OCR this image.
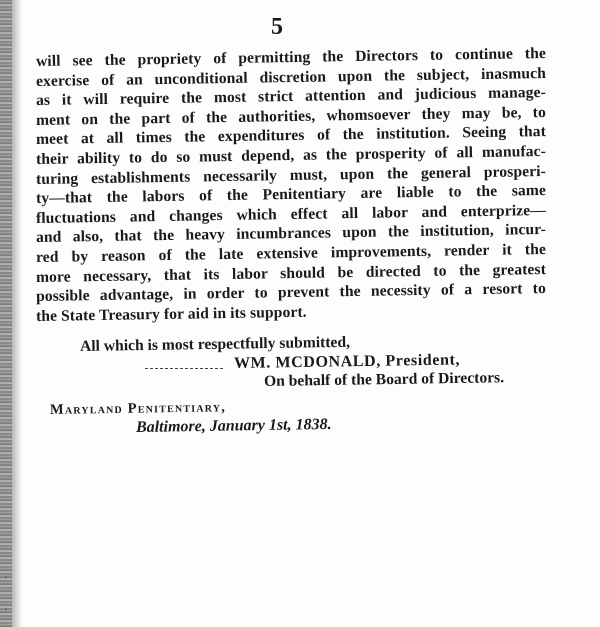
5
will see the propriety of permitting the Directors to continue the
exercise of an unconditional discretion upon the subject, inasmuch
as it will require the most strict attention and judicious manage-
ment on the part of the authorities, whomsoever they may be, to
meet at all times the expenditures of the institution. Seeing that
their ability to do so must depend, as the prosperity of all manufac-
turing establishments necessarily must, upon the general prosperi-
ty—that the labors of the Penitentiary are liable to the same
fluctuations and changes which effect all labor and enterprize—
and also, that the heavy incumbrances upon the institution, incur-
red by reason of the late extensive improvements, render it the
more necessary, that its labor should be directed to the greatest
possible advantage, in order to prevent the necessity of a resort to
the State Treasury for aid in its support.
All which is most respectfully submitted,
WM. MCDONALD, President,
On behalf of the Board of Directors.
Maryland Penitentiary,
Baltimore, January 1st, 1838.
·
·
